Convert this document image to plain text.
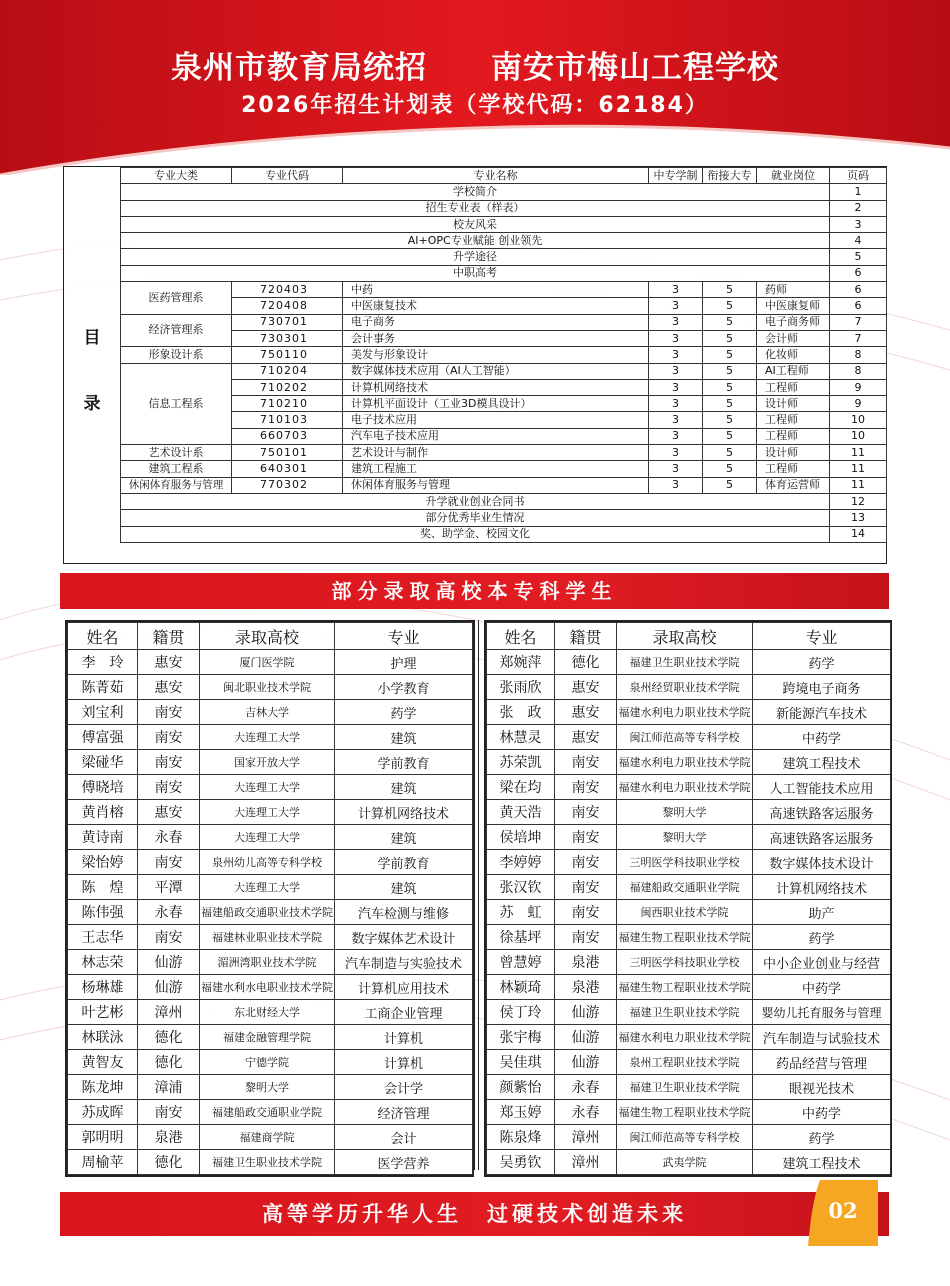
泉州市教育局统招　　南安市梅山工程学校
2026年招生计划表（学校代码：62184）
目
录
专业大类	专业代码	专业名称	中专学制	衔接大专	就业岗位	页码
学校简介						1
招生专业表（样表）						2
校友风采						3
AI+OPC专业赋能 创业领先						4
升学途径						5
中职高考						6
医药管理系	720403	中药	3	5	药师	6
	720408	中医康复技术	3	5	中医康复师	6
经济管理系	730701	电子商务	3	5	电子商务师	7
	730301	会计事务	3	5	会计师	7
形象设计系	750110	美发与形象设计	3	5	化妆师	8
信息工程系	710204	数字媒体技术应用（AI人工智能）	3	5	AI工程师	8
	710202	计算机网络技术	3	5	工程师	9
	710210	计算机平面设计（工业3D模具设计）	3	5	设计师	9
	710103	电子技术应用	3	5	工程师	10
	660703	汽车电子技术应用	3	5	工程师	10
艺术设计系	750101	艺术设计与制作	3	5	设计师	11
建筑工程系	640301	建筑工程施工	3	5	工程师	11
休闲体育服务与管理	770302	休闲体育服务与管理	3	5	体育运营师	11
升学就业创业合同书						12
部分优秀毕业生情况						13
奖、助学金、校园文化						14
部分录取高校本专科学生
姓名	籍贯	录取高校	专业
李　玲	惠安	厦门医学院	护理
陈菁茹	惠安	闽北职业技术学院	小学教育
刘宝利	南安	吉林大学	药学
傅富强	南安	大连理工大学	建筑
梁碰华	南安	国家开放大学	学前教育
傅晓培	南安	大连理工大学	建筑
黄肖榕	惠安	大连理工大学	计算机网络技术
黄诗南	永春	大连理工大学	建筑
梁怡婷	南安	泉州幼儿高等专科学校	学前教育
陈　煌	平潭	大连理工大学	建筑
陈伟强	永春	福建船政交通职业技术学院	汽车检测与维修
王志华	南安	福建林业职业技术学院	数字媒体艺术设计
林志荣	仙游	湄洲湾职业技术学院	汽车制造与实验技术
杨琳雄	仙游	福建水利水电职业技术学院	计算机应用技术
叶艺彬	漳州	东北财经大学	工商企业管理
林联泳	德化	福建金融管理学院	计算机
黄智友	德化	宁德学院	计算机
陈龙坤	漳浦	黎明大学	会计学
苏成晖	南安	福建船政交通职业学院	经济管理
郭明明	泉港	福建商学院	会计
周榆苹	德化	福建卫生职业技术学院	医学营养
姓名	籍贯	录取高校	专业
郑婉萍	德化	福建卫生职业技术学院	药学
张雨欣	惠安	泉州经贸职业技术学院	跨境电子商务
张　政	惠安	福建水利电力职业技术学院	新能源汽车技术
林慧灵	惠安	闽江师范高等专科学校	中药学
苏荣凯	南安	福建水利电力职业技术学院	建筑工程技术
梁在均	南安	福建水利电力职业技术学院	人工智能技术应用
黄天浩	南安	黎明大学	高速铁路客运服务
侯培坤	南安	黎明大学	高速铁路客运服务
李婷婷	南安	三明医学科技职业学校	数字媒体技术设计
张汉钦	南安	福建船政交通职业学院	计算机网络技术
苏　虹	南安	闽西职业技术学院	助产
徐基坪	南安	福建生物工程职业技术学院	药学
曾慧婷	泉港	三明医学科技职业学校	中小企业创业与经营
林颖琦	泉港	福建生物工程职业技术学院	中药学
侯丁玲	仙游	福建卫生职业技术学院	婴幼儿托育服务与管理
张宇梅	仙游	福建水利电力职业技术学院	汽车制造与试验技术
吴佳琪	仙游	泉州工程职业技术学院	药品经营与管理
颜紫怡	永春	福建卫生职业技术学院	眼视光技术
郑玉婷	永春	福建生物工程职业技术学院	中药学
陈泉烽	漳州	闽江师范高等专科学校	药学
吴勇钦	漳州	武夷学院	建筑工程技术
高等学历升华人生　过硬技术创造未来	02
